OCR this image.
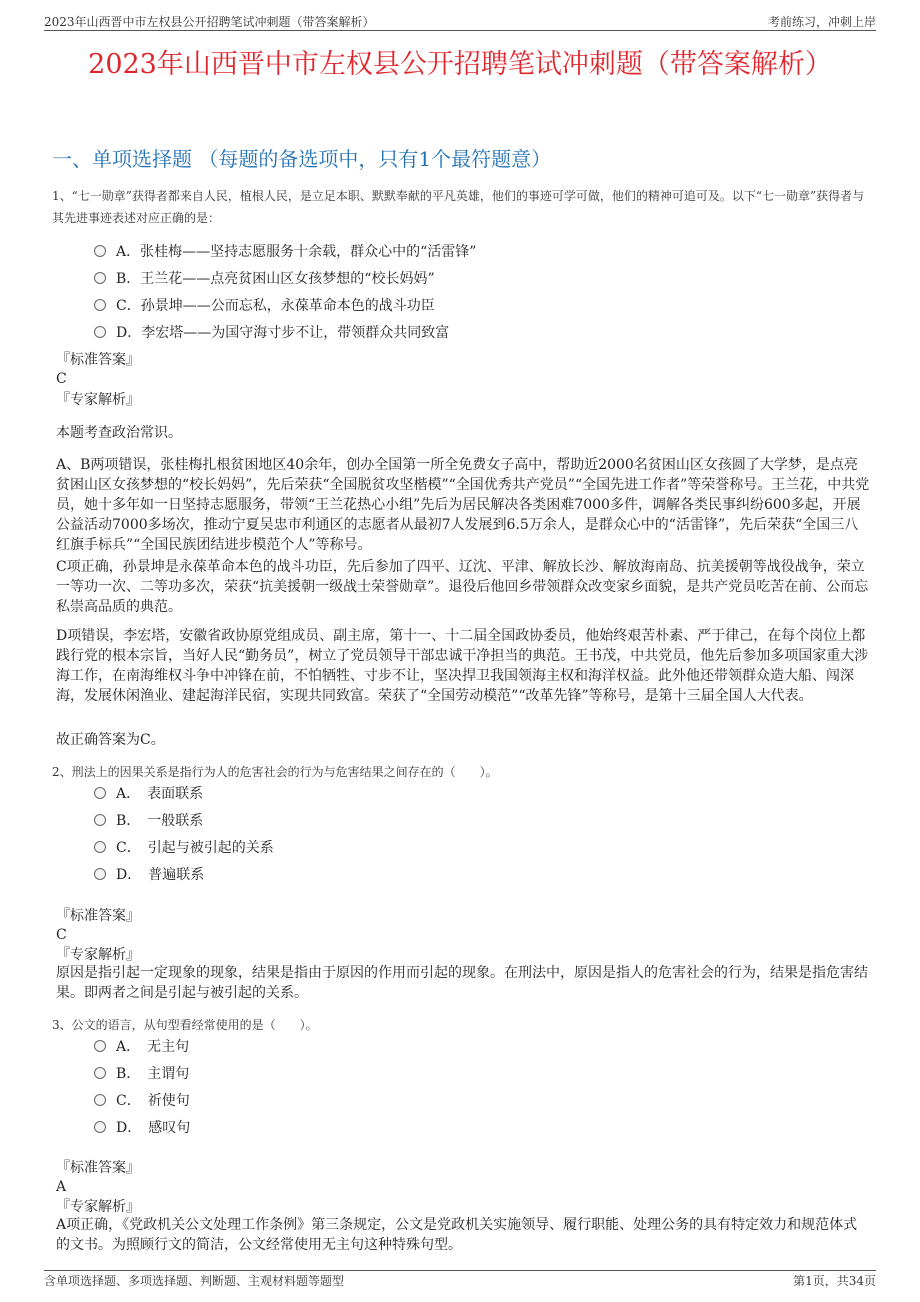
2023年山西晋中市左权县公开招聘笔试冲刺题（带答案解析）	考前练习，冲刺上岸
2023年山西晋中市左权县公开招聘笔试冲刺题（带答案解析）
一、单项选择题 （每题的备选项中，只有1个最符题意）

1、“七一勋章”获得者都来自人民，植根人民，是立足本职、默默奉献的平凡英雄，他们的事迹可学可做，他们的精神可追可及。以下“七一勋章”获得者与其先进事迹表述对应正确的是：

A．张桂梅——坚持志愿服务十余载，群众心中的“活雷锋”
B．王兰花——点亮贫困山区女孩梦想的“校长妈妈”
C．孙景坤——公而忘私，永葆革命本色的战斗功臣
D．李宏塔——为国守海寸步不让，带领群众共同致富
『标准答案』
C
『专家解析』

本题考查政治常识。

A、B两项错误，张桂梅扎根贫困地区40余年，创办全国第一所全免费女子高中，帮助近2000名贫困山区女孩圆了大学梦，是点亮贫困山区女孩梦想的“校长妈妈”，先后荣获“全国脱贫攻坚楷模”“全国优秀共产党员”“全国先进工作者”等荣誉称号。王兰花，中共党员，她十多年如一日坚持志愿服务，带领“王兰花热心小组”先后为居民解决各类困难7000多件，调解各类民事纠纷600多起，开展公益活动7000多场次，推动宁夏吴忠市利通区的志愿者从最初7人发展到6.5万余人，是群众心中的“活雷锋”，先后荣获“全国三八红旗手标兵”“全国民族团结进步模范个人”等称号。

C项正确，孙景坤是永葆革命本色的战斗功臣，先后参加了四平、辽沈、平津、解放长沙、解放海南岛、抗美援朝等战役战争，荣立一等功一次、二等功多次，荣获“抗美援朝一级战士荣誉勋章”。退役后他回乡带领群众改变家乡面貌，是共产党员吃苦在前、公而忘私崇高品质的典范。

D项错误，李宏塔，安徽省政协原党组成员、副主席，第十一、十二届全国政协委员，他始终艰苦朴素、严于律己，在每个岗位上都践行党的根本宗旨，当好人民“勤务员”，树立了党员领导干部忠诚干净担当的典范。王书茂，中共党员，他先后参加多项国家重大涉海工作，在南海维权斗争中冲锋在前，不怕牺牲、寸步不让，坚决捍卫我国领海主权和海洋权益。此外他还带领群众造大船、闯深海，发展休闲渔业、建起海洋民宿，实现共同致富。荣获了“全国劳动模范”“改革先锋”等称号，是第十三届全国人大代表。

故正确答案为C。

2、刑法上的因果关系是指行为人的危害社会的行为与危害结果之间存在的（　　）。

A．　表面联系
B．　一般联系
C．　引起与被引起的关系
D．　普遍联系
『标准答案』
C
『专家解析』

原因是指引起一定现象的现象，结果是指由于原因的作用而引起的现象。在刑法中，原因是指人的危害社会的行为，结果是指危害结果。即两者之间是引起与被引起的关系。

3、公文的语言，从句型看经常使用的是（　　）。

A．　无主句
B．　主谓句
C．　祈使句
D．　感叹句
『标准答案』
A
『专家解析』

A项正确，《党政机关公文处理工作条例》第三条规定，公文是党政机关实施领导、履行职能、处理公务的具有特定效力和规范体式的文书。为照顾行文的简洁，公文经常使用无主句这种特殊句型。

含单项选择题、多项选择题、判断题、主观材料题等题型	第1页，共34页
